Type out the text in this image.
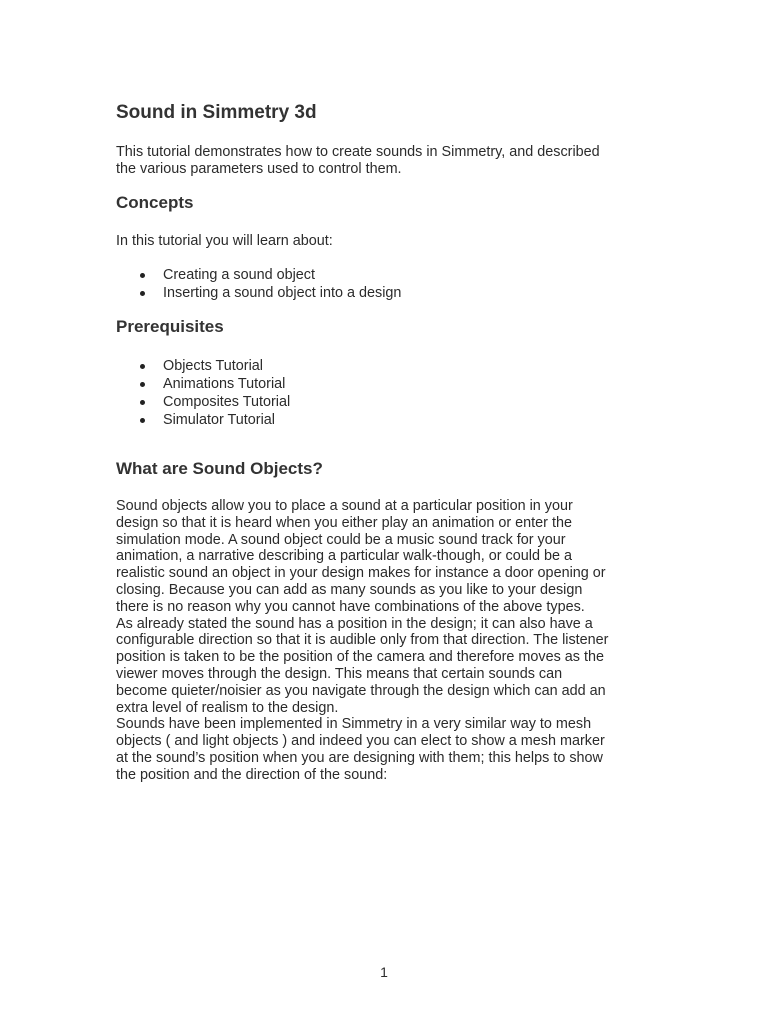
Sound in Simmetry 3d

This tutorial demonstrates how to create sounds in Simmetry, and described
the various parameters used to control them.

Concepts

In this tutorial you will learn about:

Creating a sound object
Inserting a sound object into a design
Prerequisites
Objects Tutorial
Animations Tutorial
Composites Tutorial
Simulator Tutorial
What are Sound Objects?

Sound objects allow you to place a sound at a particular position in your
design so that it is heard when you either play an animation or enter the
simulation mode. A sound object could be a music sound track for your
animation, a narrative describing a particular walk-though, or could be a
realistic sound an object in your design makes for instance a door opening or
closing. Because you can add as many sounds as you like to your design
there is no reason why you cannot have combinations of the above types.
As already stated the sound has a position in the design; it can also have a
configurable direction so that it is audible only from that direction. The listener
position is taken to be the position of the camera and therefore moves as the
viewer moves through the design. This means that certain sounds can
become quieter/noisier as you navigate through the design which can add an
extra level of realism to the design.
Sounds have been implemented in Simmetry in a very similar way to mesh
objects ( and light objects ) and indeed you can elect to show a mesh marker
at the sound’s position when you are designing with them; this helps to show
the position and the direction of the sound:

1
